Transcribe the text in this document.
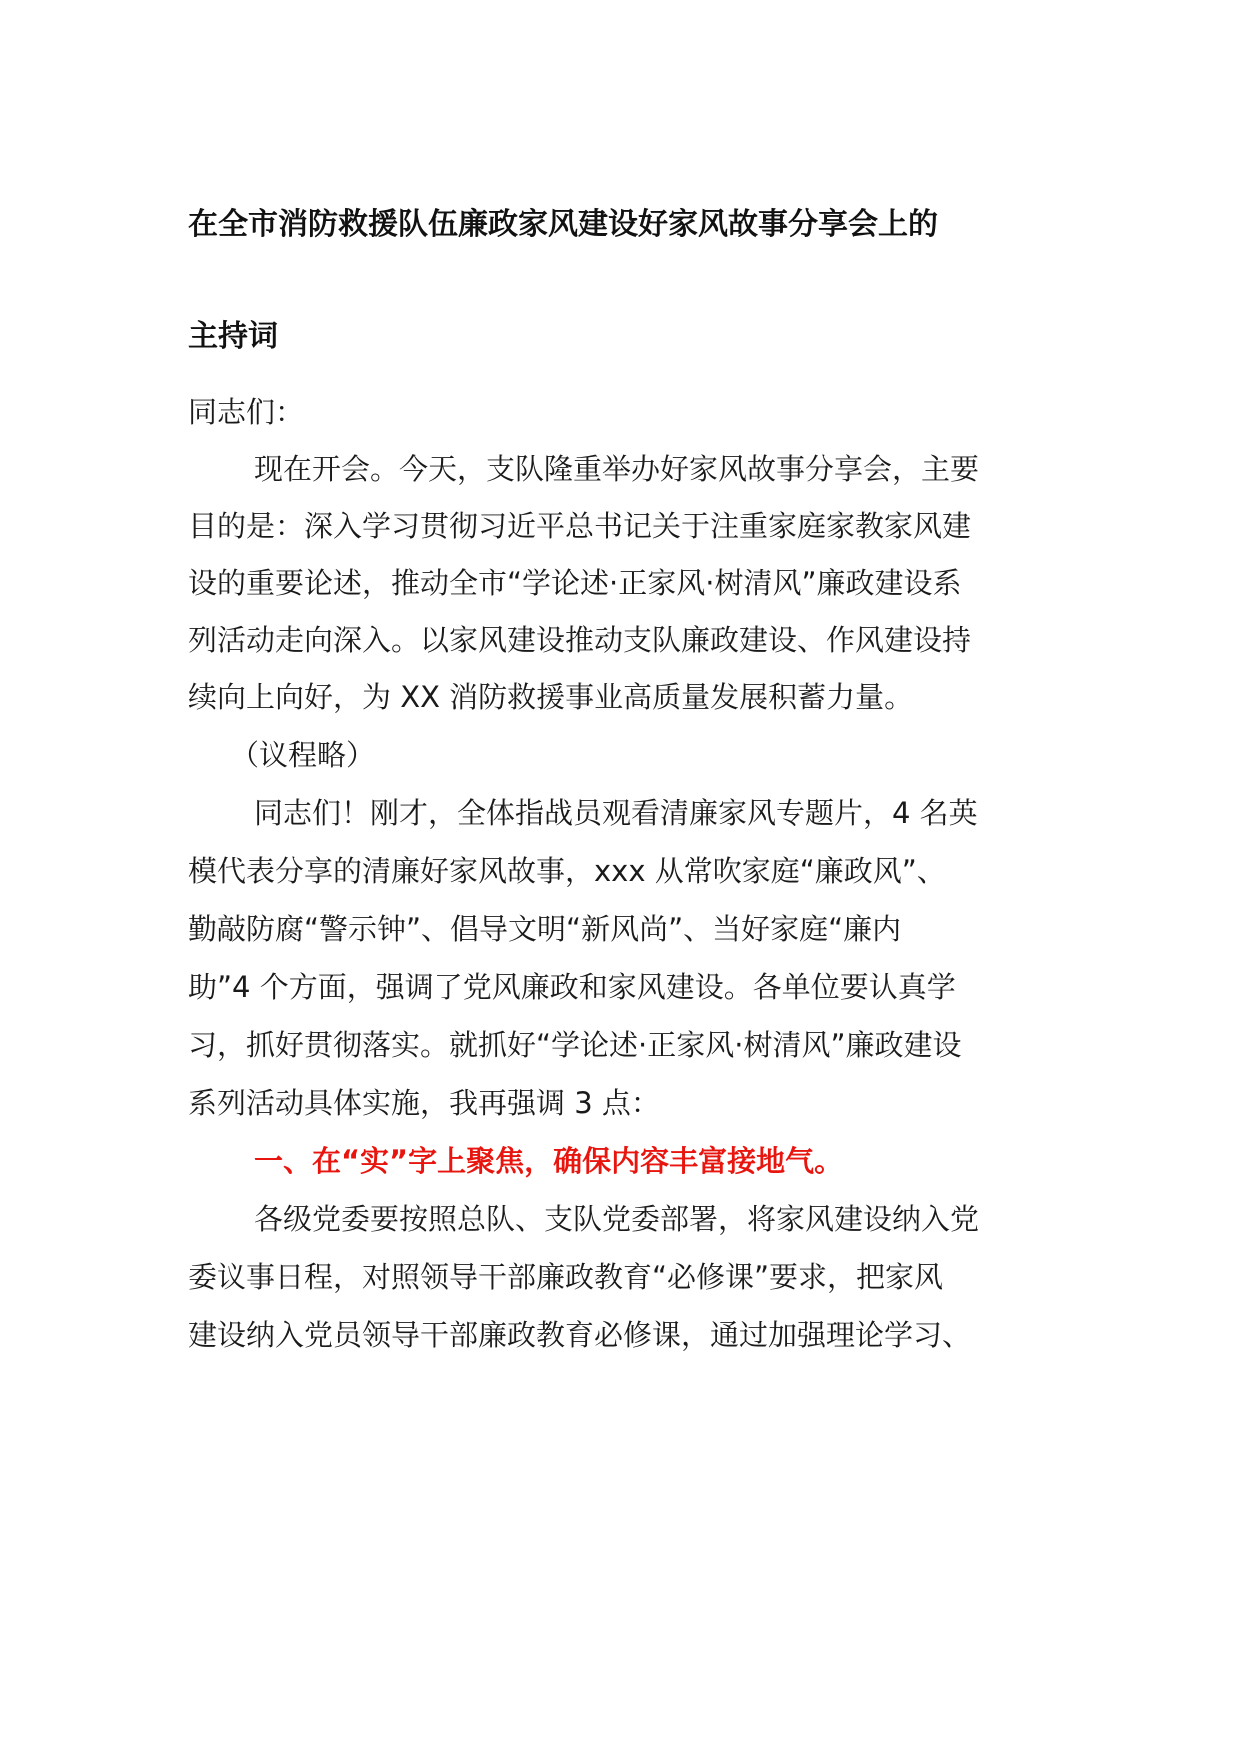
在全市消防救援队伍廉政家风建设好家风故事分享会上的
主持词
同志们：
现在开会。今天，支队隆重举办好家风故事分享会，主要
目的是：深入学习贯彻习近平总书记关于注重家庭家教家风建
设的重要论述，推动全市“学论述·正家风·树清风”廉政建设系
列活动走向深入。以家风建设推动支队廉政建设、作风建设持
续向上向好，为 XX 消防救援事业高质量发展积蓄力量。
（议程略）
同志们！刚才，全体指战员观看清廉家风专题片，4 名英
模代表分享的清廉好家风故事，xxx 从常吹家庭“廉政风”、
勤敲防腐“警示钟”、倡导文明“新风尚”、当好家庭“廉内
助”4 个方面，强调了党风廉政和家风建设。各单位要认真学
习，抓好贯彻落实。就抓好“学论述·正家风·树清风”廉政建设
系列活动具体实施，我再强调 3 点：
一、在“实”字上聚焦，确保内容丰富接地气。
各级党委要按照总队、支队党委部署，将家风建设纳入党
委议事日程，对照领导干部廉政教育“必修课”要求，把家风
建设纳入党员领导干部廉政教育必修课，通过加强理论学习、
